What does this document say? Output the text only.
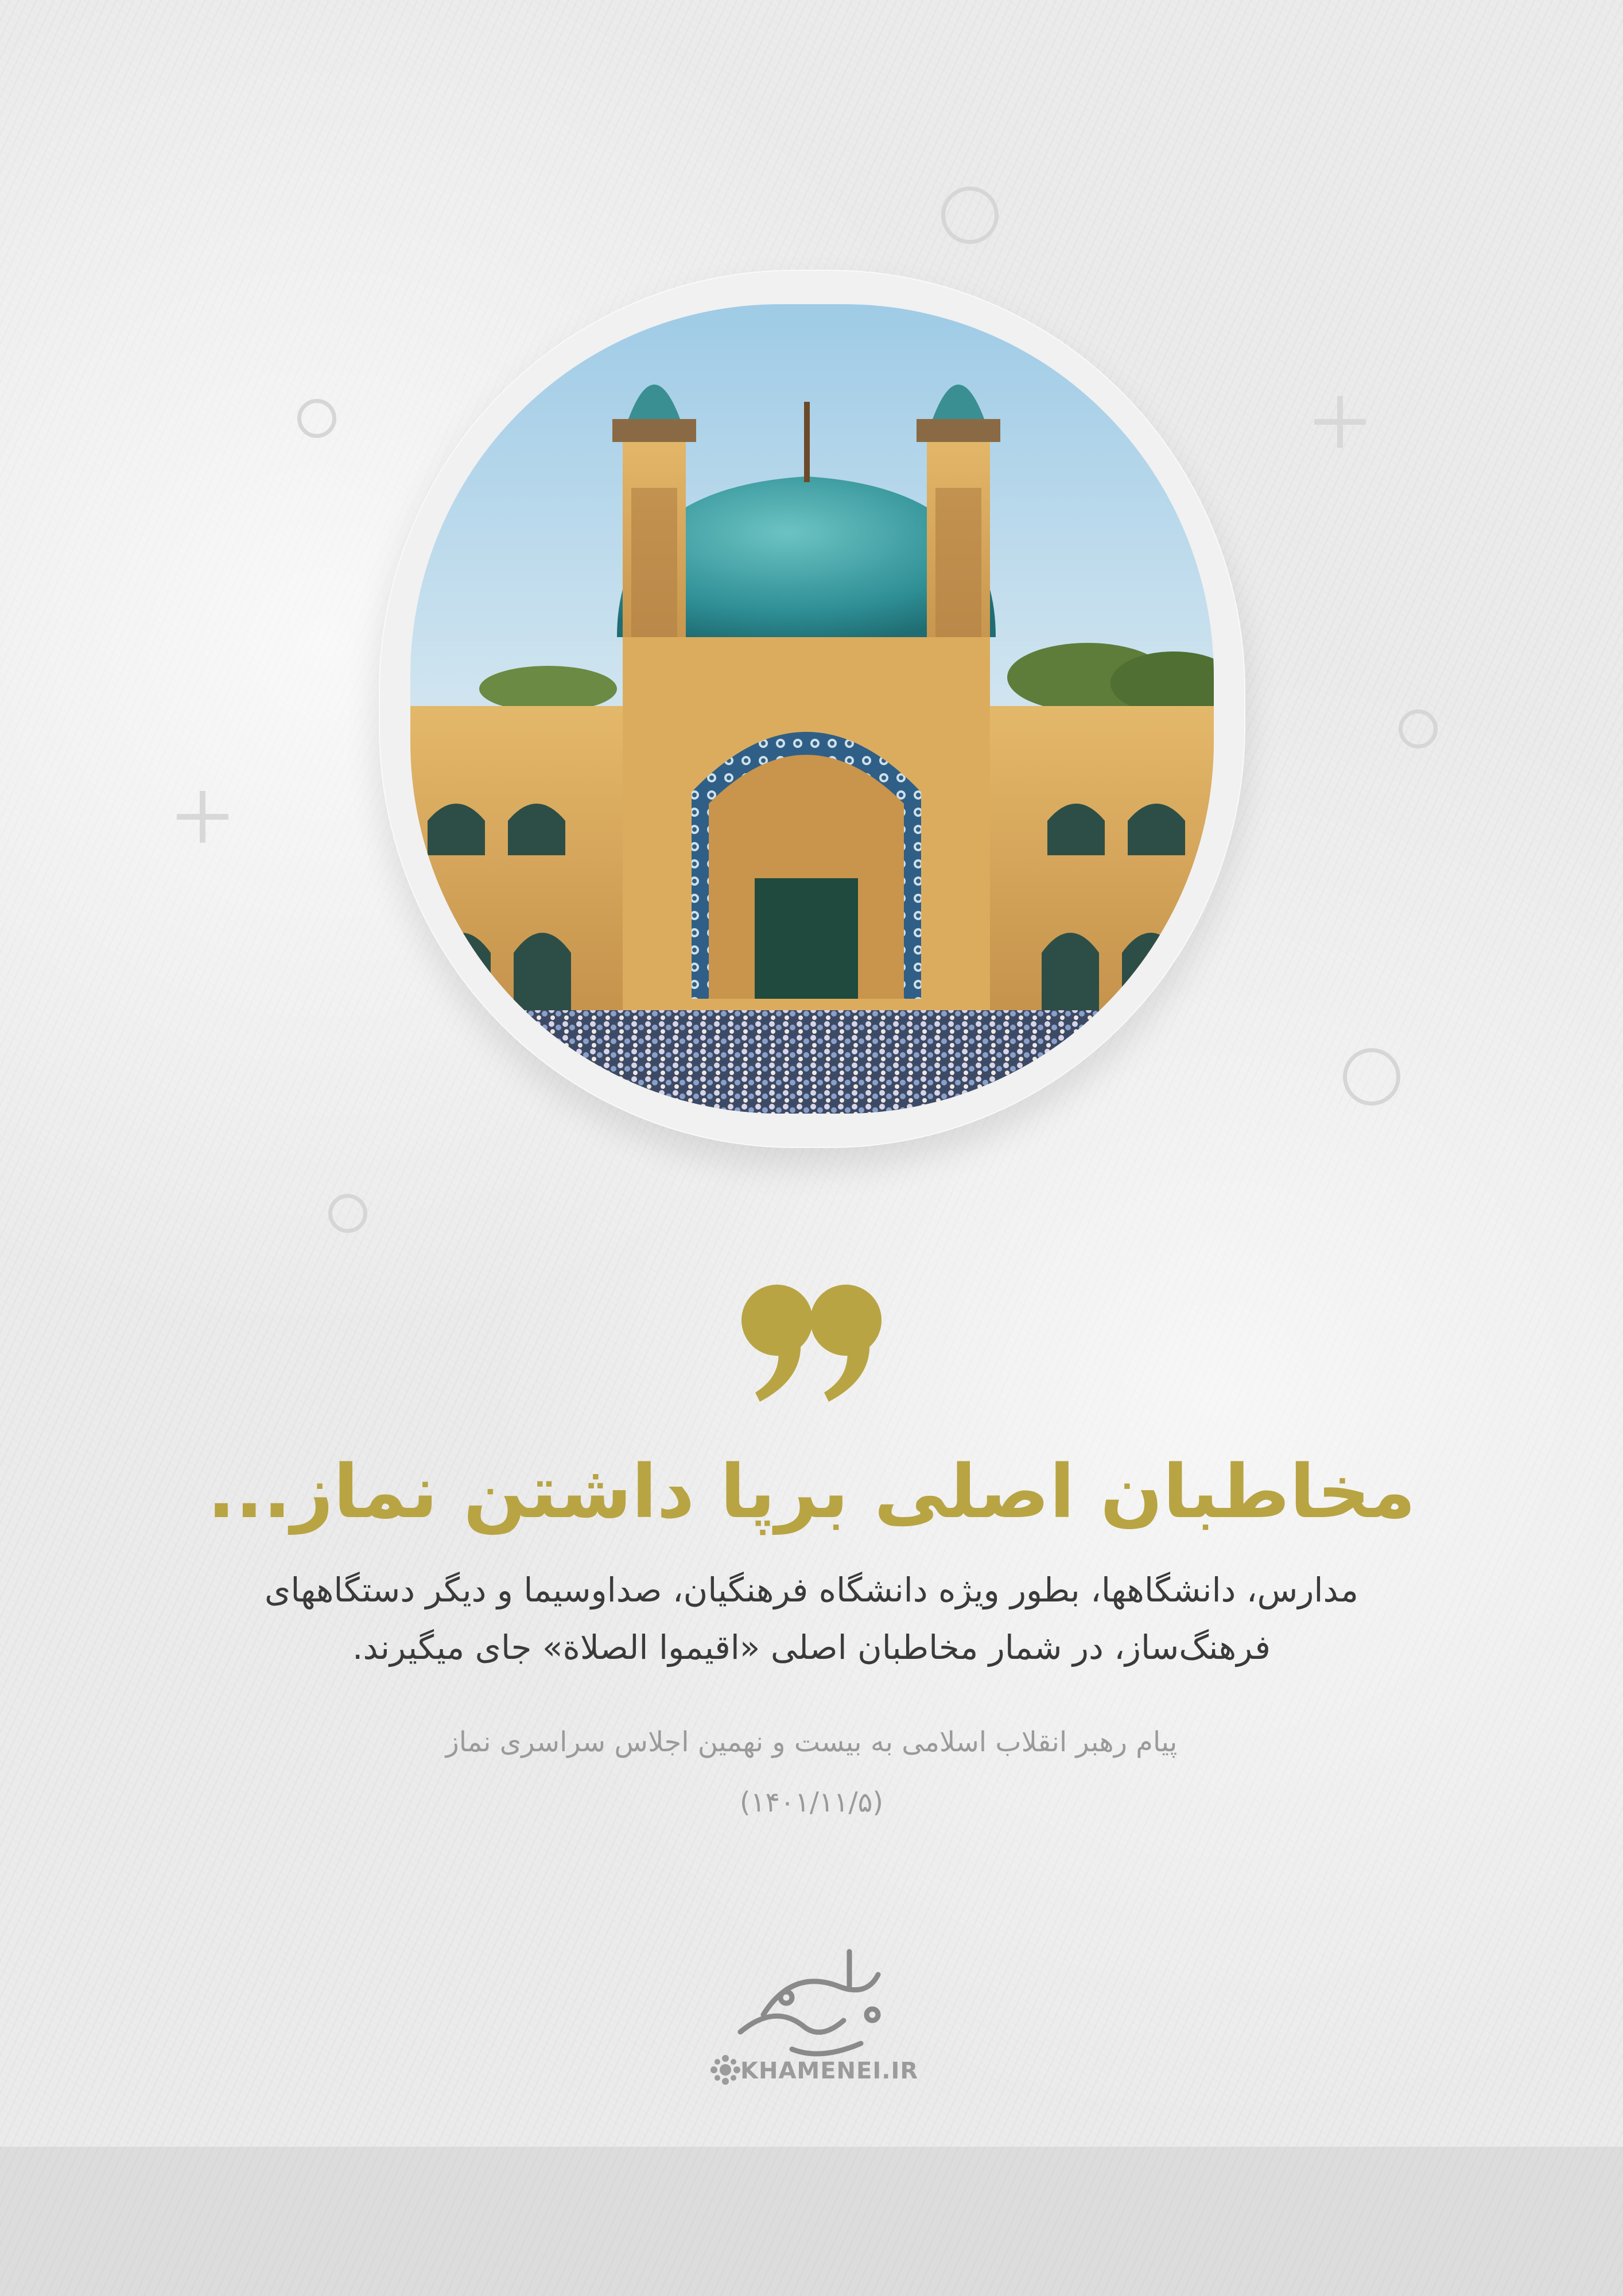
مخاطبان اصلی برپا داشتن نماز...
مدارس، دانشگاهها، بطور ویژه دانشگاه فرهنگیان، صداوسیما و دیگر دستگاههای
فرهنگ‌ساز، در شمار مخاطبان اصلی «اقیموا الصلاة» جای میگیرند.
پیام رهبر انقلاب اسلامی به بیست و نهمین اجلاس سراسری نماز
(۱۴۰۱/۱۱/۵)
KHAMENEI.IR
